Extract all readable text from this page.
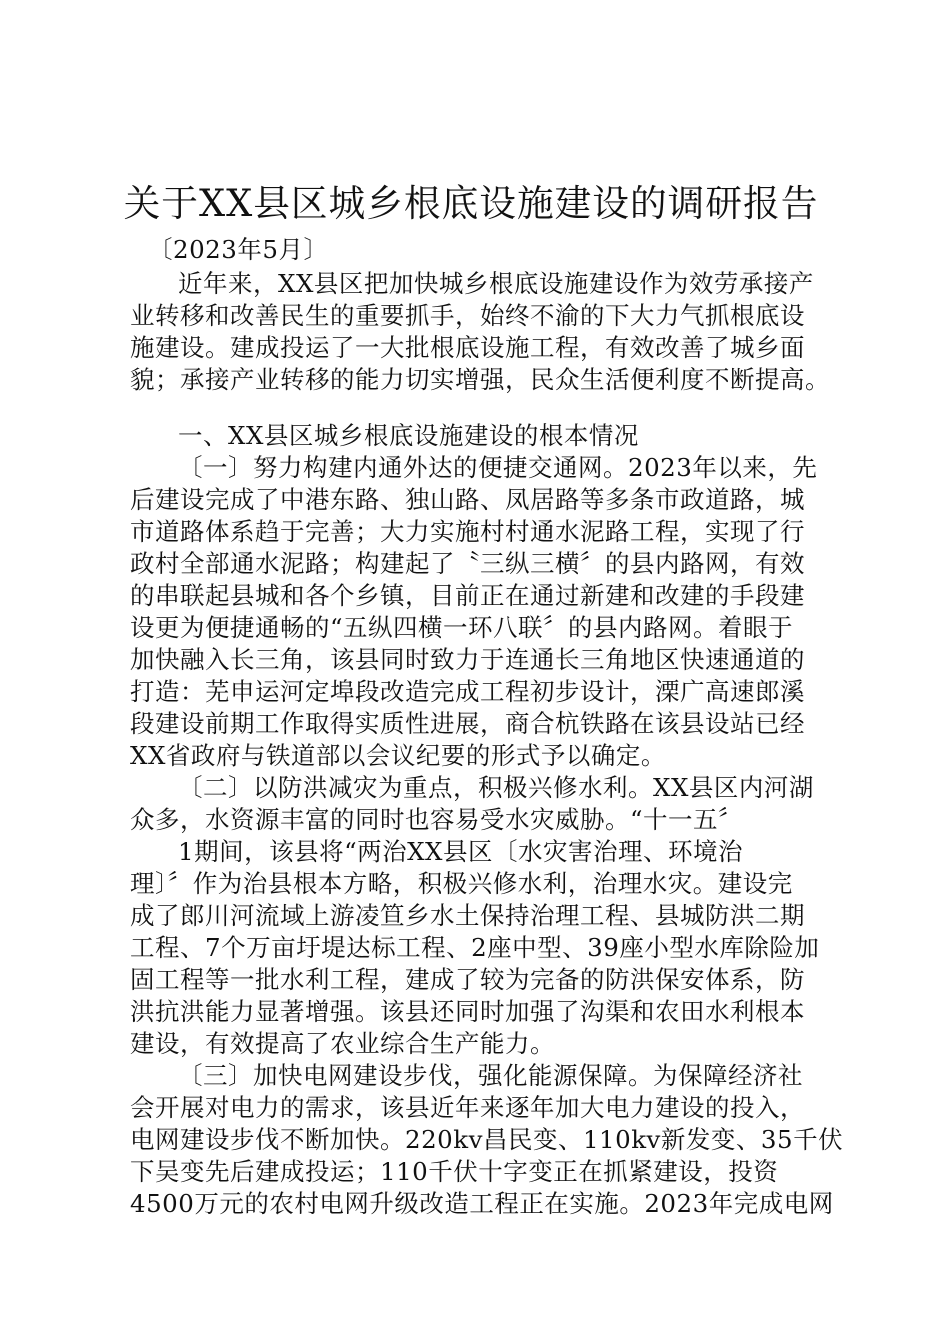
关于XX县区城乡根底设施建设的调研报告
〔2023年5月〕
近年来，XX县区把加快城乡根底设施建设作为效劳承接产
业转移和改善民生的重要抓手，始终不渝的下大力气抓根底设
施建设。建成投运了一大批根底设施工程，有效改善了城乡面
貌；承接产业转移的能力切实增强，民众生活便利度不断提高。
一、XX县区城乡根底设施建设的根本情况
〔一〕努力构建内通外达的便捷交通网。2023年以来，先
后建设完成了中港东路、独山路、凤居路等多条市政道路，城
市道路体系趋于完善；大力实施村村通水泥路工程，实现了行
政村全部通水泥路；构建起了〝三纵三横〞的县内路网，有效
的串联起县城和各个乡镇，目前正在通过新建和改建的手段建
设更为便捷通畅的“五纵四横一环八联〞的县内路网。着眼于
加快融入长三角，该县同时致力于连通长三角地区快速通道的
打造：芜申运河定埠段改造完成工程初步设计，溧广高速郎溪
段建设前期工作取得实质性进展，商合杭铁路在该县设站已经
XX省政府与铁道部以会议纪要的形式予以确定。
〔二〕以防洪减灾为重点，积极兴修水利。XX县区内河湖
众多，水资源丰富的同时也容易受水灾威胁。“十一五〞
1期间，该县将“两治XX县区〔水灾害治理、环境治
理〕〞作为治县根本方略，积极兴修水利，治理水灾。建设完
成了郎川河流域上游凌笪乡水土保持治理工程、县城防洪二期
工程、7个万亩圩堤达标工程、2座中型、39座小型水库除险加
固工程等一批水利工程，建成了较为完备的防洪保安体系，防
洪抗洪能力显著增强。该县还同时加强了沟渠和农田水利根本
建设，有效提高了农业综合生产能力。
〔三〕加快电网建设步伐，强化能源保障。为保障经济社
会开展对电力的需求，该县近年来逐年加大电力建设的投入，
电网建设步伐不断加快。220kv昌民变、110kv新发变、35千伏
下吴变先后建成投运；110千伏十字变正在抓紧建设，投资
4500万元的农村电网升级改造工程正在实施。2023年完成电网
